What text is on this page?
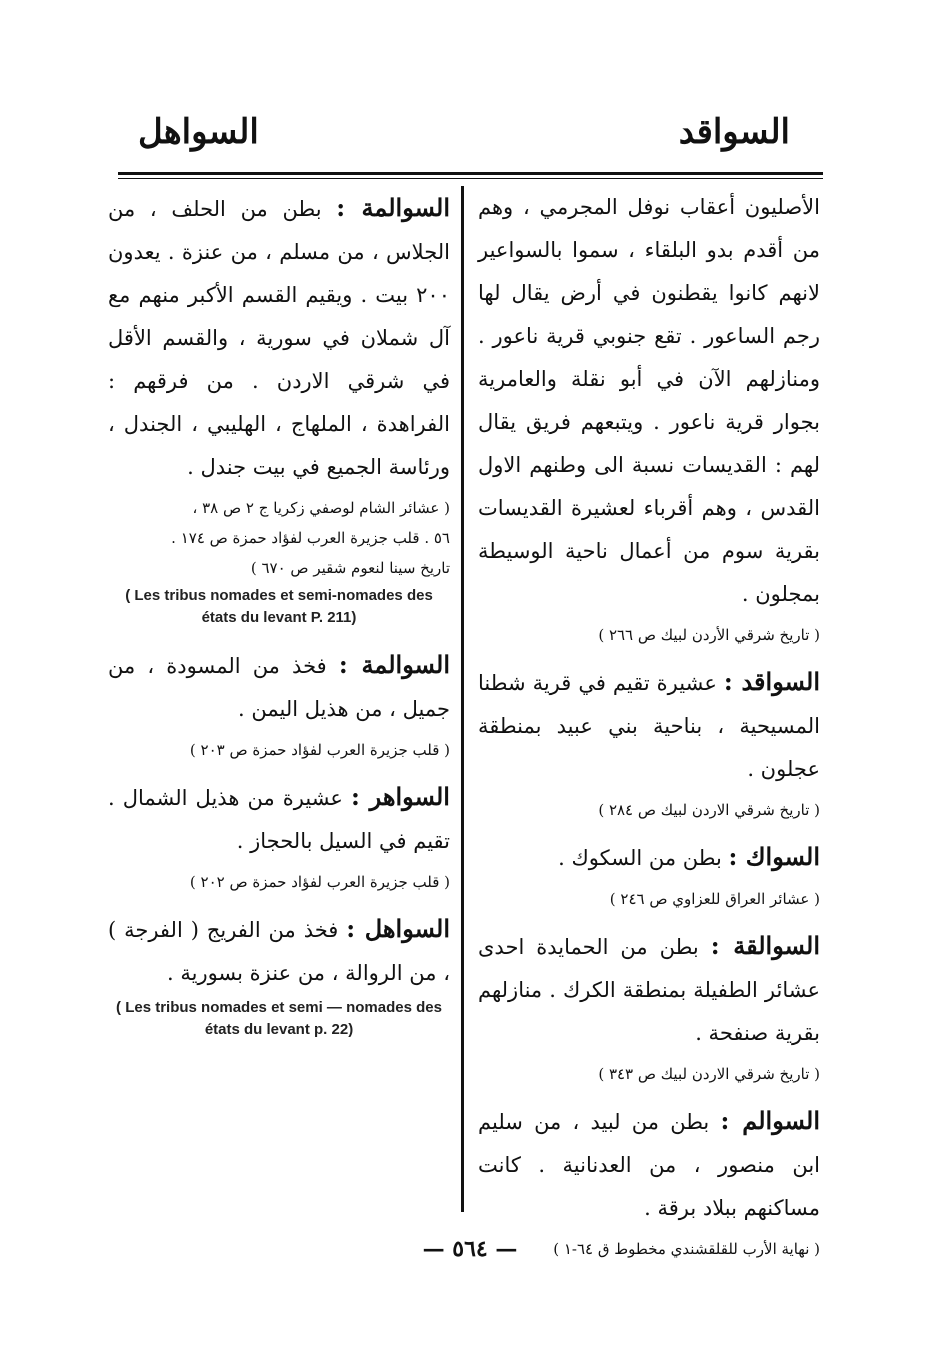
السواقد
السواهل

الأصليون أعقاب نوفل المجرمي ، وهم من أقدم بدو البلقاء ، سموا بالسواعير لانهم كانوا يقطنون في أرض يقال لها رجم الساعور . تقع جنوبي قرية ناعور . ومنازلهم الآن في أبو نقلة والعامرية بجوار قرية ناعور . ويتبعهم فريق يقال لهم : القديسات نسبة الى وطنهم الاول القدس ، وهم أقرباء لعشيرة القديسات بقرية سوم من أعمال ناحية الوسيطة بمجلون .

( تاريخ شرقي الأردن لبيك ص ٢٦٦ )

السواقد : عشيرة تقيم في قرية شطنا المسيحية ، بناحية بني عبيد بمنطقة عجلون .

( تاريخ شرقي الاردن لبيك ص ٢٨٤ )

السواك : بطن من السكوك .

( عشائر العراق للعزاوي ص ٢٤٦ )

السوالقة : بطن من الحمايدة احدى عشائر الطفيلة بمنطقة الكرك . منازلهم بقرية صنفحة .

( تاريخ شرقي الاردن لبيك ص ٣٤٣ )

السوالم : بطن من لبيد ، من سليم ابن منصور ، من العدنانية . كانت مساكنهم ببلاد برقة .

( نهاية الأرب للقلقشندي مخطوط ق ٦٤-١ )

السوالمة : بطن من الحلف ، من الجلاس ، من مسلم ، من عنزة . يعدون ٢٠٠ بيت . ويقيم القسم الأكبر منهم مع آل شملان في سورية ، والقسم الأقل في شرقي الاردن . من فرقهم : الفراهدة ، الملهاج ، الهليبي ، الجندل ، ورئاسة الجميع في بيت جندل .

( عشائر الشام لوصفي زكريا ج ٢ ص ٣٨ ،

٥٦ . قلب جزيرة العرب لفؤاد حمزة ص ١٧٤ .

تاريخ سينا لنعوم شقير ص ٦٧٠ )

( Les tribus nomades et semi-nomades des états du levant P. 211)

السوالمة : فخذ من المسودة ، من جميل ، من هذيل اليمن .

( قلب جزيرة العرب لفؤاد حمزة ص ٢٠٣ )

السواهر : عشيرة من هذيل الشمال . تقيم في السيل بالحجاز .

( قلب جزيرة العرب لفؤاد حمزة ص ٢٠٢ )

السواهل : فخذ من الفريج ( الفرجة ) ، من الروالة ، من عنزة بسورية .

( Les tribus nomades et semi — nomades des états du levant p. 22)

— ٥٦٤ —
